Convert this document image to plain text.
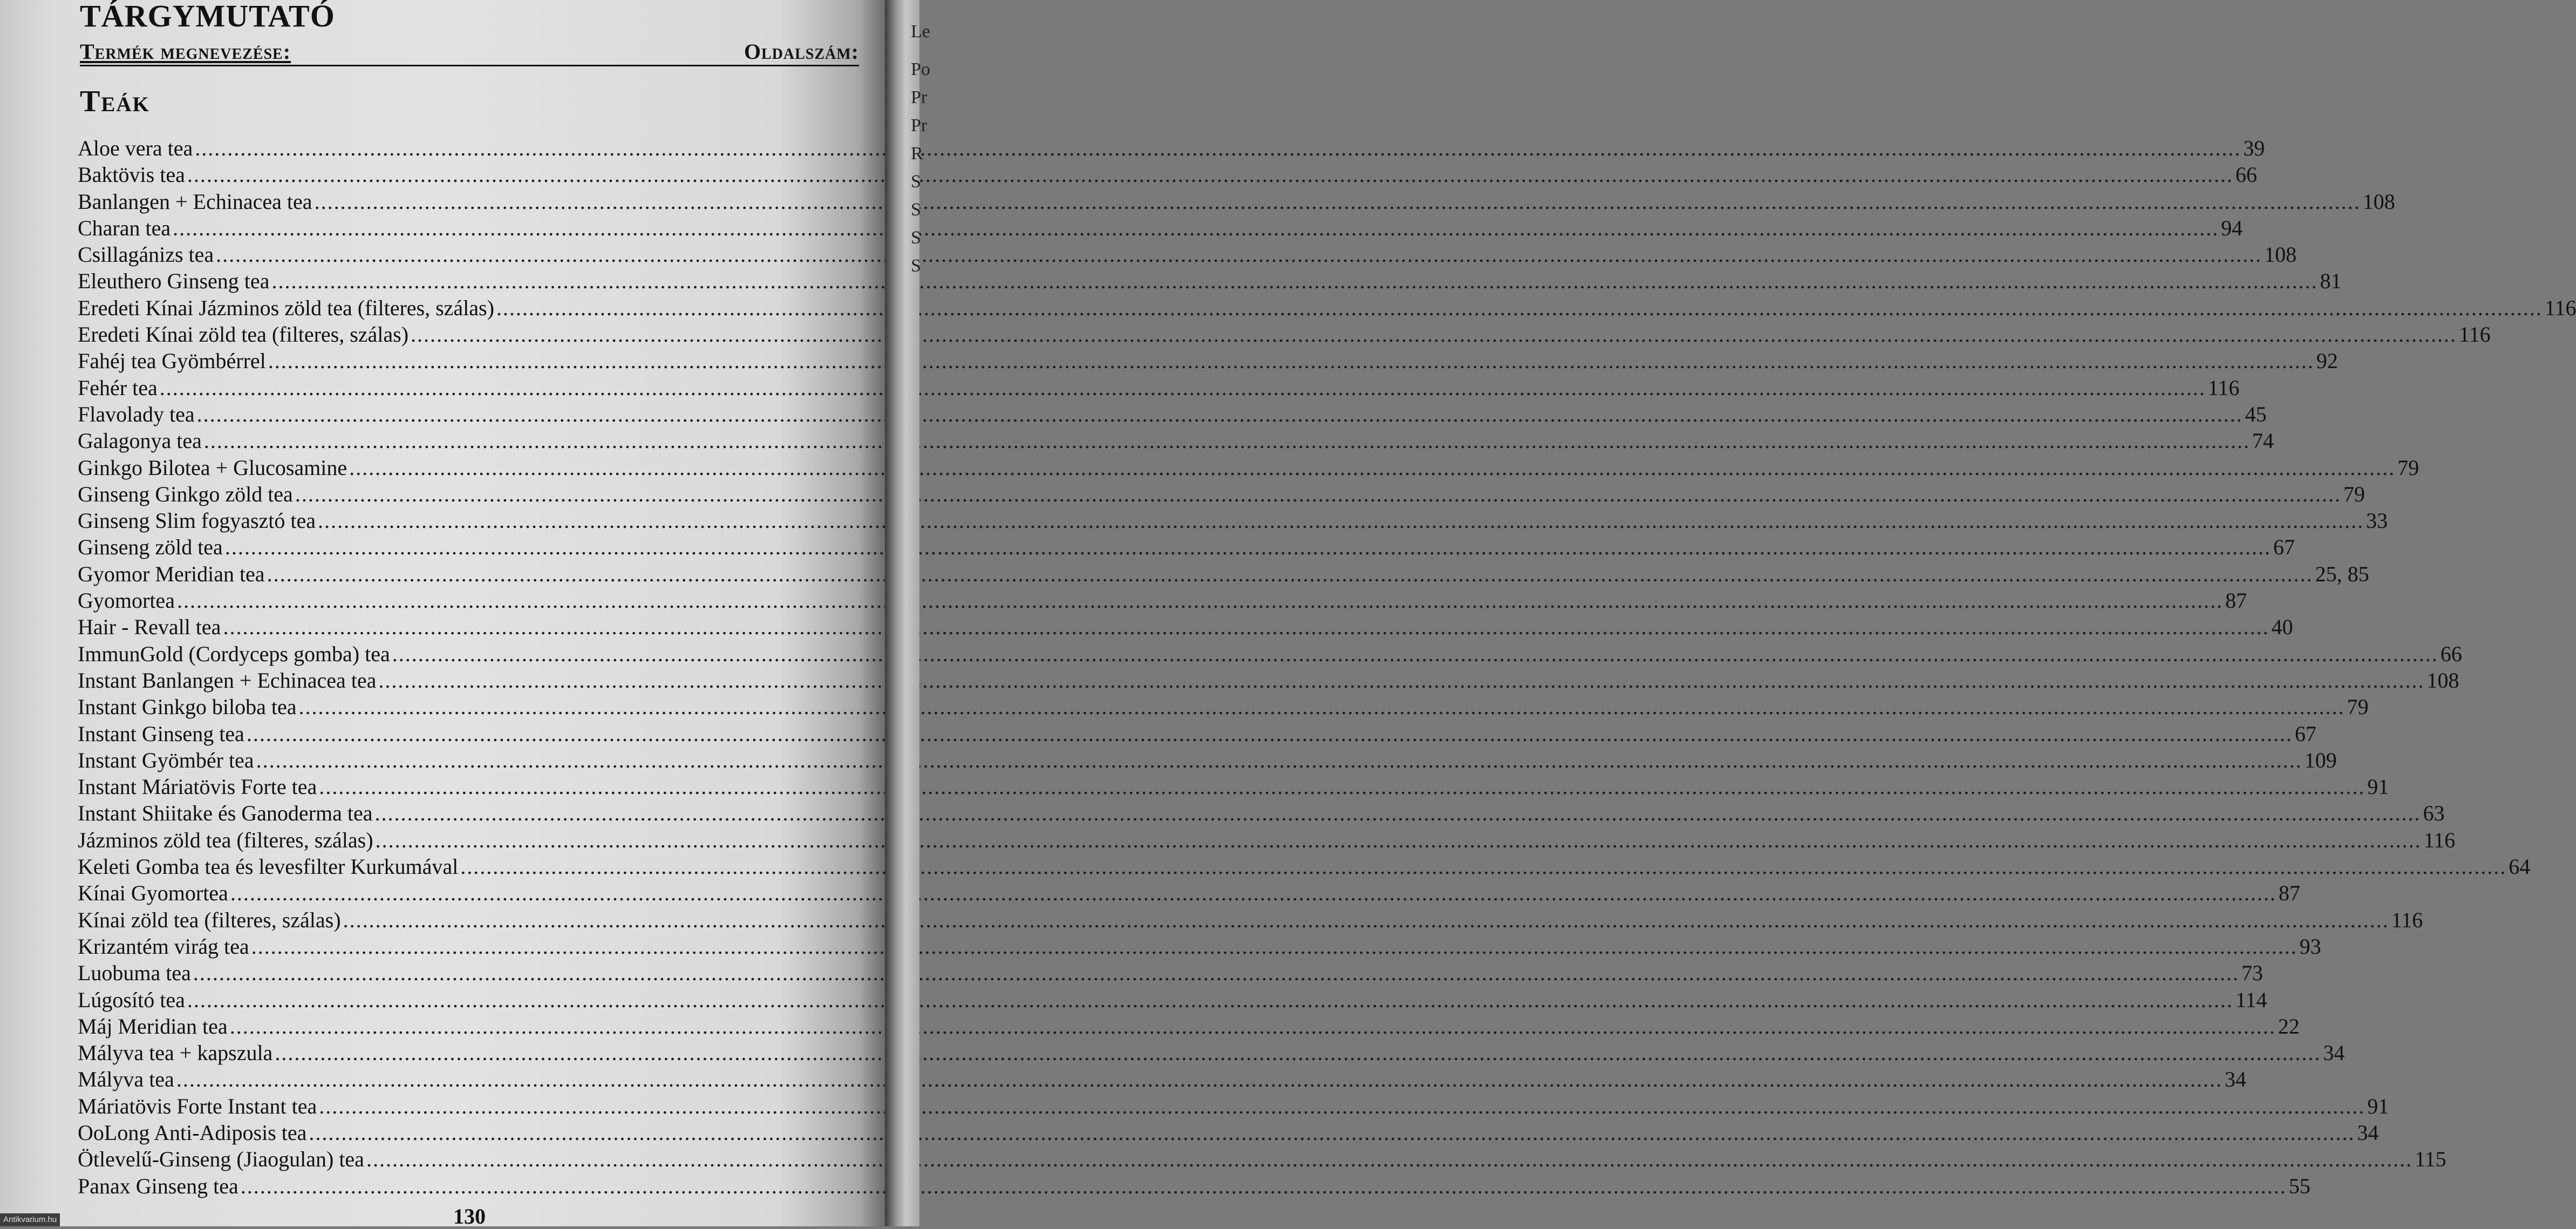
TÁRGYMUTATÓ
Termék megnevezése:	Oldalszám:
Teák
Aloe vera tea .....	39
Baktövis tea .....	66
Banlangen + Echinacea tea .....	108
Charan tea .....	94
Csillagánizs tea .....	108
Eleuthero Ginseng tea .....	81
Eredeti Kínai Jázminos zöld tea (filteres, szálas) .....	116
Eredeti Kínai zöld tea (filteres, szálas) .....	116
Fahéj tea Gyömbérrel .....	92
Fehér tea .....	116
Flavolady tea .....	45
Galagonya tea .....	74
Ginkgo Bilotea + Glucosamine .....	79
Ginseng Ginkgo zöld tea .....	79
Ginseng Slim fogyasztó tea .....	33
Ginseng zöld tea .....	67
Gyomor Meridian tea .....	25, 85
Gyomortea .....	87
Hair - Revall tea .....	40
ImmunGold (Cordyceps gomba) tea .....	66
Instant Banlangen + Echinacea tea .....	108
Instant Ginkgo biloba tea .....	79
Instant Ginseng tea .....	67
Instant Gyömbér tea .....	109
Instant Máriatövis Forte tea .....	91
Instant Shiitake és Ganoderma tea .....	63
Jázminos zöld tea (filteres, szálas) .....	116
Keleti Gomba tea és levesfilter Kurkumával .....	64
Kínai Gyomortea .....	87
Kínai zöld tea (filteres, szálas) .....	116
Krizantém virág tea .....	93
Luobuma tea .....	73
Lúgosító tea .....	114
Máj Meridian tea .....	22
Mályva tea + kapszula .....	34
Mályva tea .....	34
Máriatövis Forte Instant tea .....	91
OoLong Anti-Adiposis tea .....	34
Ötlevelű-Ginseng (Jiaogulan) tea .....	115
Panax Ginseng tea .....	55
130
Antikvarium.hu
Le
Po
Pr
Pr
R
S
S
S
S
